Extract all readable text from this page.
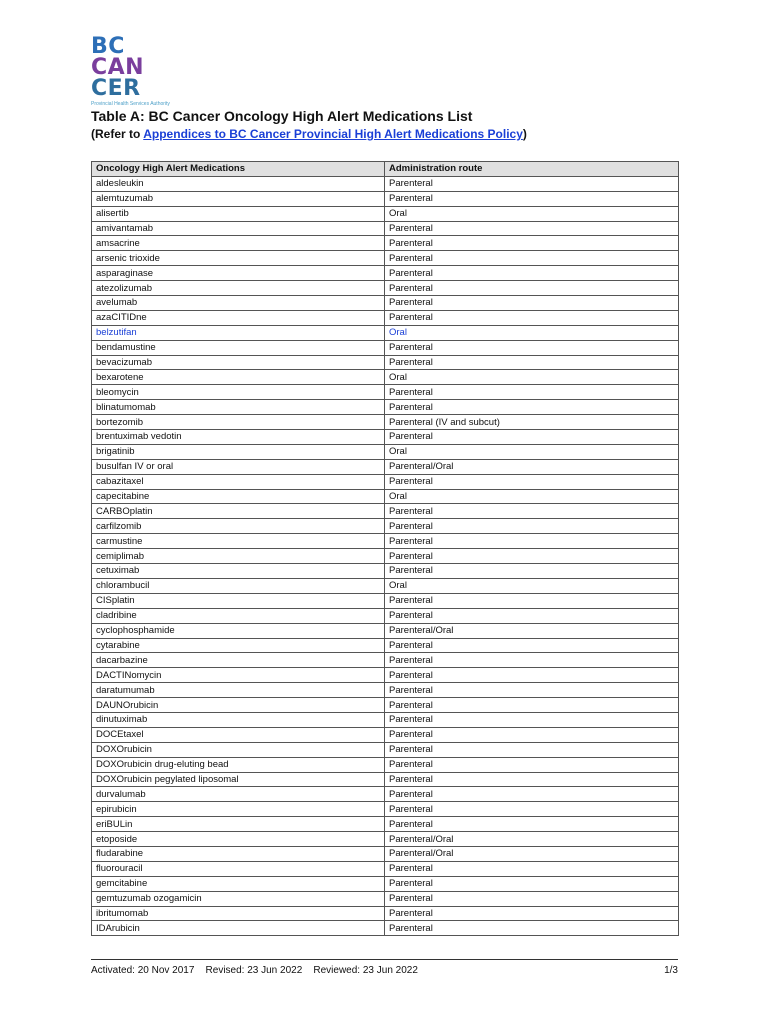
BC
CAN
CER
Provincial Health Services Authority
Table A: BC Cancer Oncology High Alert Medications List
(Refer to Appendices to BC Cancer Provincial High Alert Medications Policy)
Oncology High Alert Medications	Administration route
aldesleukin	Parenteral
alemtuzumab	Parenteral
alisertib	Oral
amivantamab	Parenteral
amsacrine	Parenteral
arsenic trioxide	Parenteral
asparaginase	Parenteral
atezolizumab	Parenteral
avelumab	Parenteral
azaCITIDne	Parenteral
belzutifan	Oral
bendamustine	Parenteral
bevacizumab	Parenteral
bexarotene	Oral
bleomycin	Parenteral
blinatumomab	Parenteral
bortezomib	Parenteral (IV and subcut)
brentuximab vedotin	Parenteral
brigatinib	Oral
busulfan IV or oral	Parenteral/Oral
cabazitaxel	Parenteral
capecitabine	Oral
CARBOplatin	Parenteral
carfilzomib	Parenteral
carmustine	Parenteral
cemiplimab	Parenteral
cetuximab	Parenteral
chlorambucil	Oral
CISplatin	Parenteral
cladribine	Parenteral
cyclophosphamide	Parenteral/Oral
cytarabine	Parenteral
dacarbazine	Parenteral
DACTINomycin	Parenteral
daratumumab	Parenteral
DAUNOrubicin	Parenteral
dinutuximab	Parenteral
DOCEtaxel	Parenteral
DOXOrubicin	Parenteral
DOXOrubicin drug-eluting bead	Parenteral
DOXOrubicin pegylated liposomal	Parenteral
durvalumab	Parenteral
epirubicin	Parenteral
eriBULin	Parenteral
etoposide	Parenteral/Oral
fludarabine	Parenteral/Oral
fluorouracil	Parenteral
gemcitabine	Parenteral
gemtuzumab ozogamicin	Parenteral
ibritumomab	Parenteral
IDArubicin	Parenteral
Activated: 20 Nov 2017 Revised: 23 Jun 2022 Reviewed: 23 Jun 2022	1/3
